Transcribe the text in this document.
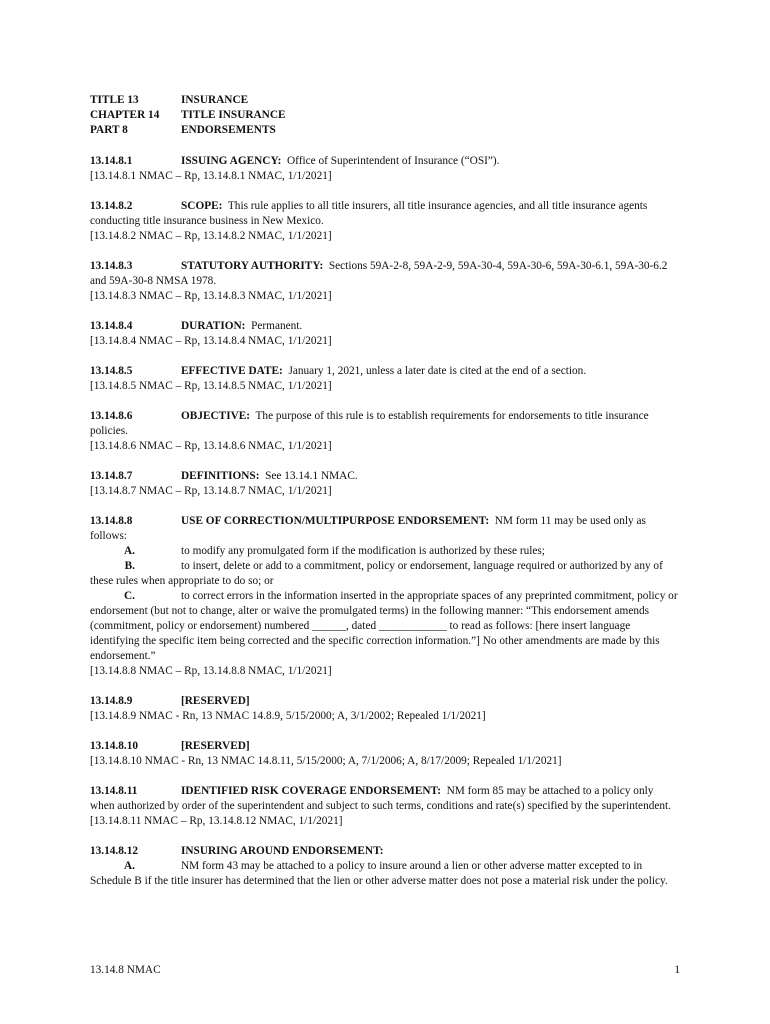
TITLE 13	INSURANCE
CHAPTER 14	TITLE INSURANCE
PART 8	ENDORSEMENTS
13.14.8.1	ISSUING AGENCY: Office of Superintendent of Insurance (“OSI”).
[13.14.8.1 NMAC – Rp, 13.14.8.1 NMAC, 1/1/2021]
13.14.8.2	SCOPE: This rule applies to all title insurers, all title insurance agencies, and all title insurance agents conducting title insurance business in New Mexico.
[13.14.8.2 NMAC – Rp, 13.14.8.2 NMAC, 1/1/2021]
13.14.8.3	STATUTORY AUTHORITY: Sections 59A-2-8, 59A-2-9, 59A-30-4, 59A-30-6, 59A-30-6.1, 59A-30-6.2 and 59A-30-8 NMSA 1978.
[13.14.8.3 NMAC – Rp, 13.14.8.3 NMAC, 1/1/2021]
13.14.8.4	DURATION: Permanent.
[13.14.8.4 NMAC – Rp, 13.14.8.4 NMAC, 1/1/2021]
13.14.8.5	EFFECTIVE DATE: January 1, 2021, unless a later date is cited at the end of a section.
[13.14.8.5 NMAC – Rp, 13.14.8.5 NMAC, 1/1/2021]
13.14.8.6	OBJECTIVE: The purpose of this rule is to establish requirements for endorsements to title insurance policies.
[13.14.8.6 NMAC – Rp, 13.14.8.6 NMAC, 1/1/2021]
13.14.8.7	DEFINITIONS: See 13.14.1 NMAC.
[13.14.8.7 NMAC – Rp, 13.14.8.7 NMAC, 1/1/2021]
13.14.8.8	USE OF CORRECTION/MULTIPURPOSE ENDORSEMENT: NM form 11 may be used only as follows:
A.	to modify any promulgated form if the modification is authorized by these rules;
B.	to insert, delete or add to a commitment, policy or endorsement, language required or authorized by any of these rules when appropriate to do so; or
C.	to correct errors in the information inserted in the appropriate spaces of any preprinted commitment, policy or endorsement (but not to change, alter or waive the promulgated terms) in the following manner: “This endorsement amends (commitment, policy or endorsement) numbered ______, dated ____________ to read as follows: [here insert language identifying the specific item being corrected and the specific correction information.”] No other amendments are made by this endorsement.”
[13.14.8.8 NMAC – Rp, 13.14.8.8 NMAC, 1/1/2021]
13.14.8.9	[RESERVED]
[13.14.8.9 NMAC - Rn, 13 NMAC 14.8.9, 5/15/2000; A, 3/1/2002; Repealed 1/1/2021]
13.14.8.10	[RESERVED]
[13.14.8.10 NMAC - Rn, 13 NMAC 14.8.11, 5/15/2000; A, 7/1/2006; A, 8/17/2009; Repealed 1/1/2021]
13.14.8.11	IDENTIFIED RISK COVERAGE ENDORSEMENT: NM form 85 may be attached to a policy only when authorized by order of the superintendent and subject to such terms, conditions and rate(s) specified by the superintendent.
[13.14.8.11 NMAC – Rp, 13.14.8.12 NMAC, 1/1/2021]
13.14.8.12	INSURING AROUND ENDORSEMENT:
A.	NM form 43 may be attached to a policy to insure around a lien or other adverse matter excepted to in Schedule B if the title insurer has determined that the lien or other adverse matter does not pose a material risk under the policy.
13.14.8 NMAC	1
